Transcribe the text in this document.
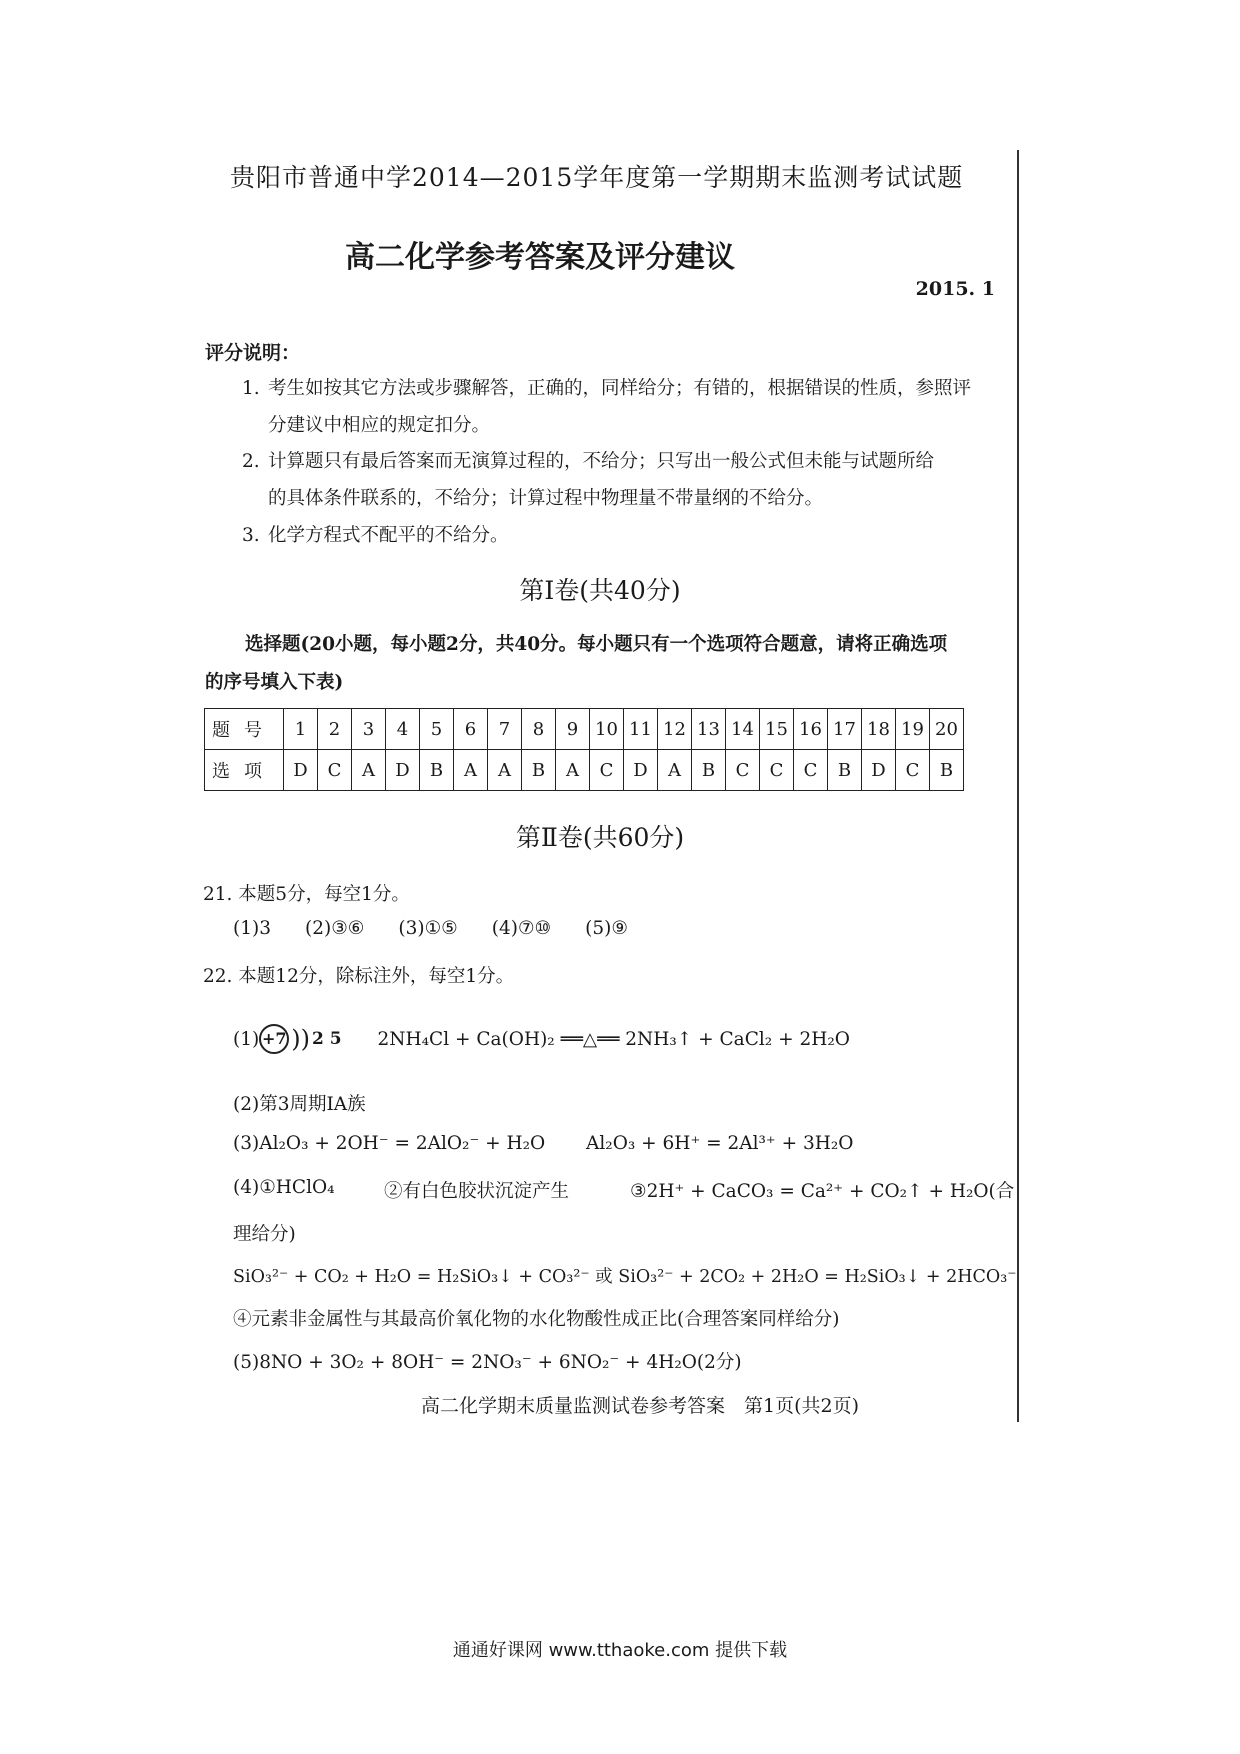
贵阳市普通中学2014—2015学年度第一学期期末监测考试试题
高二化学参考答案及评分建议
2015. 1
评分说明：
1. 考生如按其它方法或步骤解答，正确的，同样给分；有错的，根据错误的性质，参照评
分建议中相应的规定扣分。
2. 计算题只有最后答案而无演算过程的，不给分；只写出一般公式但未能与试题所给
的具体条件联系的，不给分；计算过程中物理量不带量纲的不给分。
3. 化学方程式不配平的不给分。
第Ⅰ卷(共40分)
选择题(20小题，每小题2分，共40分。每小题只有一个选项符合题意，请将正确选项
的序号填入下表)
题号	1	2	3	4	5	6	7	8	9	10	11	12	13	14	15	16	17	18	19	20
选项	D	C	A	D	B	A	A	B	A	C	D	A	B	C	C	C	B	D	C	B
第Ⅱ卷(共60分)
21. 本题5分，每空1分。
(1)3 (2)③⑥ (3)①⑤ (4)⑦⑩ (5)⑨
22. 本题12分，除标注外，每空1分。
(1) +7 )) 2 5 2NH₄Cl + Ca(OH)₂ ══△══ 2NH₃↑ + CaCl₂ + 2H₂O
(2)第3周期ⅠA族
(3)Al₂O₃ + 2OH⁻ = 2AlO₂⁻ + H₂O Al₂O₃ + 6H⁺ = 2Al³⁺ + 3H₂O
(4)①HClO₄	②有白色胶状沉淀产生	③2H⁺ + CaCO₃ = Ca²⁺ + CO₂↑ + H₂O(合
理给分)
SiO₃²⁻ + CO₂ + H₂O = H₂SiO₃↓ + CO₃²⁻ 或 SiO₃²⁻ + 2CO₂ + 2H₂O = H₂SiO₃↓ + 2HCO₃⁻
④元素非金属性与其最高价氧化物的水化物酸性成正比(合理答案同样给分)
(5)8NO + 3O₂ + 8OH⁻ = 2NO₃⁻ + 6NO₂⁻ + 4H₂O(2分)
高二化学期末质量监测试卷参考答案　第1页(共2页)
通通好课网 www.tthaoke.com 提供下载
